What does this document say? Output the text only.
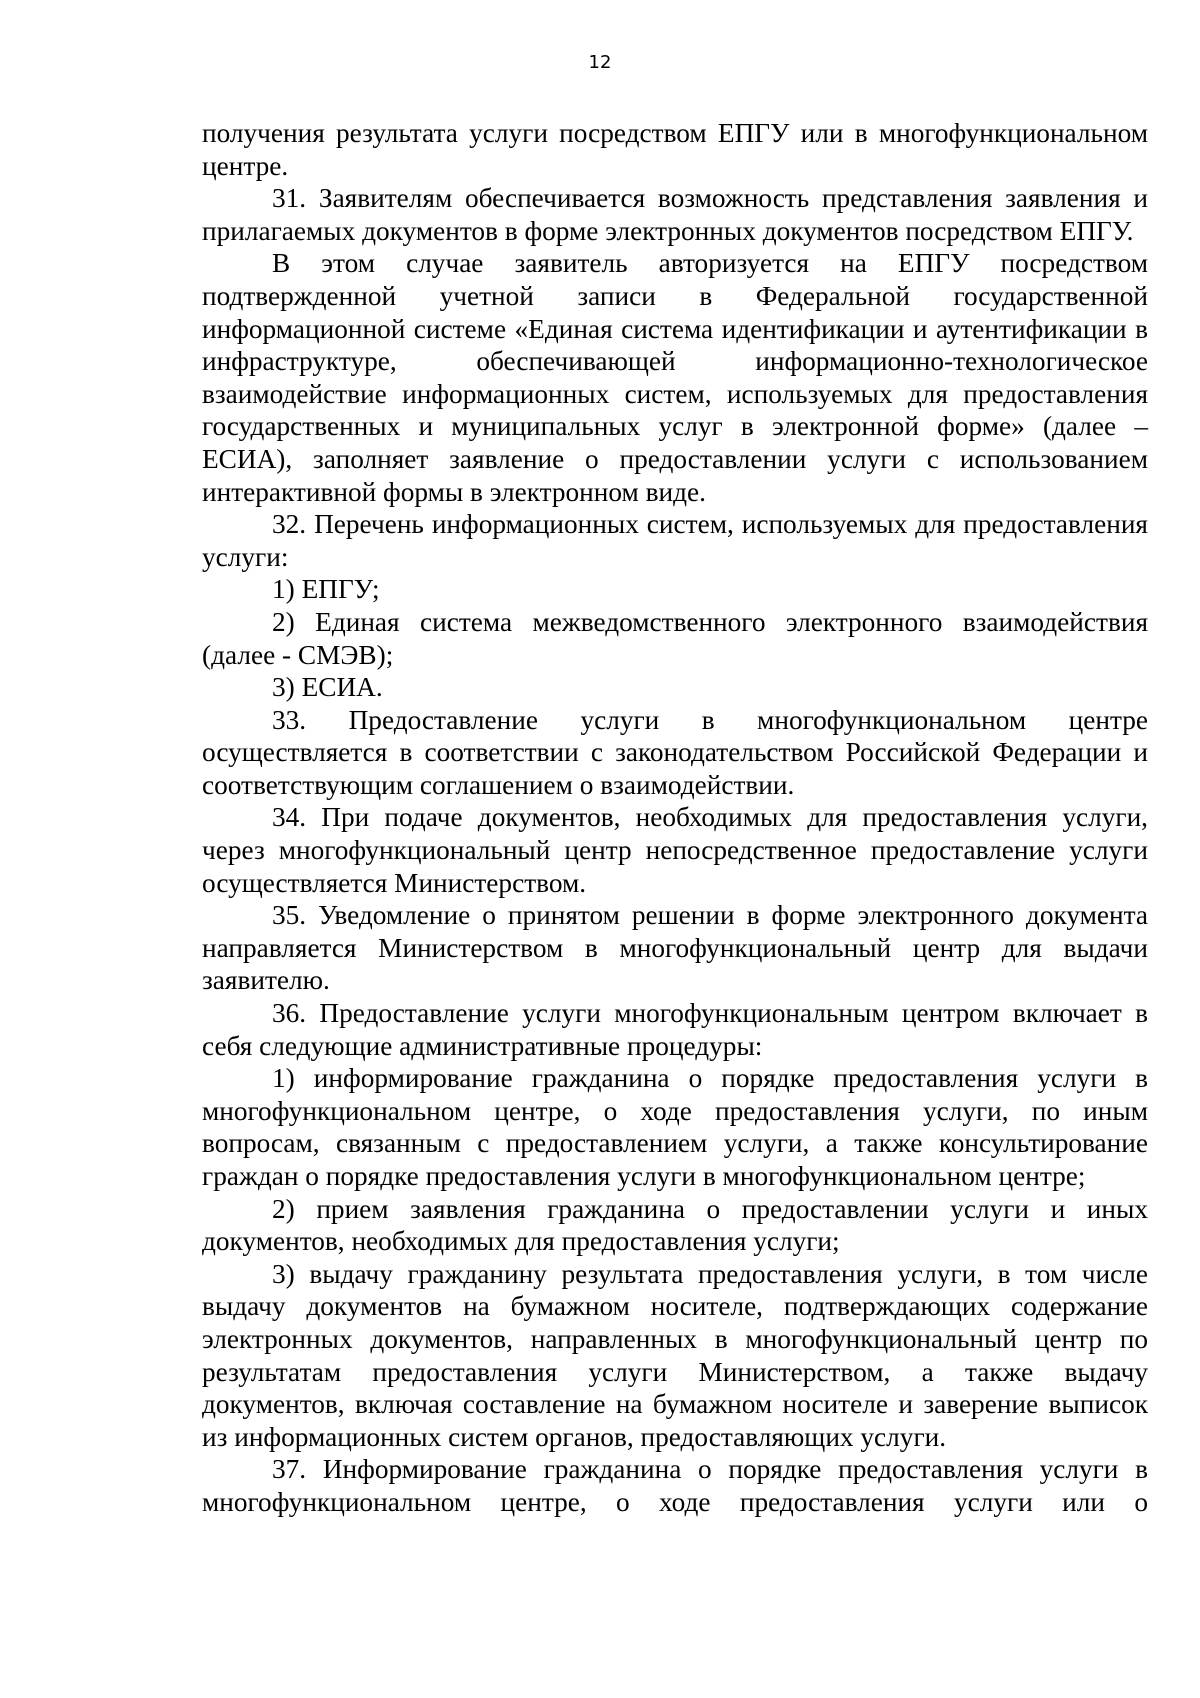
12

получения результата услуги посредством ЕПГУ или в многофункциональном центре.

31. Заявителям обеспечивается возможность представления заявления и прилагаемых документов в форме электронных документов посредством ЕПГУ.

В этом случае заявитель авторизуется на ЕПГУ посредством подтвержденной учетной записи в Федеральной государственной информационной системе «Единая система идентификации и аутентификации в инфраструктуре, обеспечивающей информационно-технологическое взаимодействие информационных систем, используемых для предоставления государственных и муниципальных услуг в электронной форме» (далее – ЕСИА), заполняет заявление о предоставлении услуги с использованием интерактивной формы в электронном виде.

32. Перечень информационных систем, используемых для предоставления услуги:

1) ЕПГУ;

2) Единая система межведомственного электронного взаимодействия (далее - СМЭВ);

3) ЕСИА.

33. Предоставление услуги в многофункциональном центре осуществляется в соответствии с законодательством Российской Федерации и соответствующим соглашением о взаимодействии.

34. При подаче документов, необходимых для предоставления услуги, через многофункциональный центр непосредственное предоставление услуги осуществляется Министерством.

35. Уведомление о принятом решении в форме электронного документа направляется Министерством в многофункциональный центр для выдачи заявителю.

36. Предоставление услуги многофункциональным центром включает в себя следующие административные процедуры:

1) информирование гражданина о порядке предоставления услуги в многофункциональном центре, о ходе предоставления услуги, по иным вопросам, связанным с предоставлением услуги, а также консультирование граждан о порядке предоставления услуги в многофункциональном центре;

2) прием заявления гражданина о предоставлении услуги и иных документов, необходимых для предоставления услуги;

3) выдачу гражданину результата предоставления услуги, в том числе выдачу документов на бумажном носителе, подтверждающих содержание электронных документов, направленных в многофункциональный центр по результатам предоставления услуги Министерством, а также выдачу документов, включая составление на бумажном носителе и заверение выписок из информационных систем органов, предоставляющих услуги.

37. Информирование гражданина о порядке предоставления услуги в многофункциональном центре, о ходе предоставления услуги или о
